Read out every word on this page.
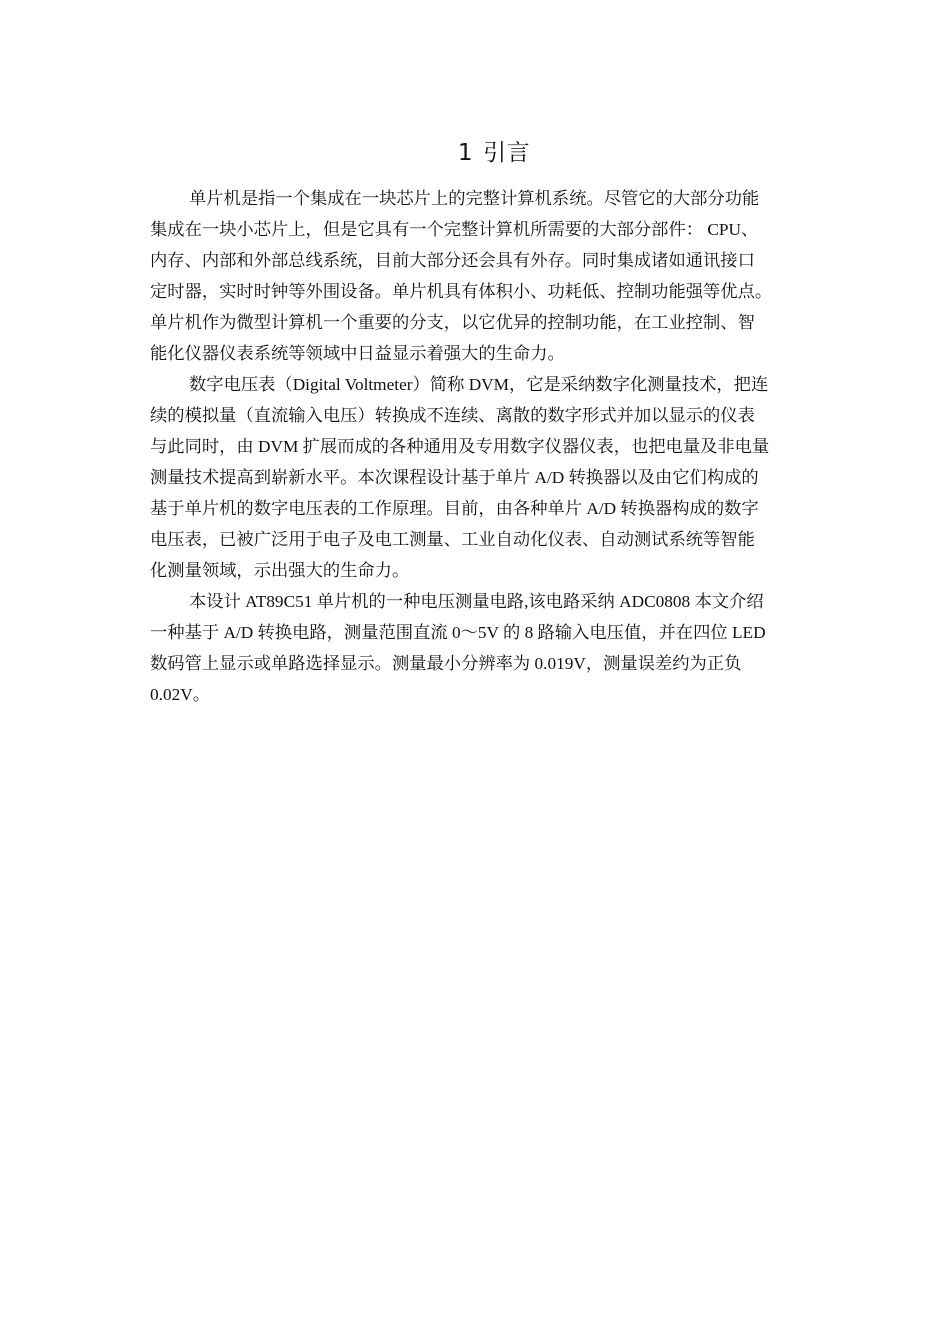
1 引言
单片机是指一个集成在一块芯片上的完整计算机系统。尽管它的大部分功能
集成在一块小芯片上，但是它具有一个完整计算机所需要的大部分部件： CPU、
内存、内部和外部总线系统，目前大部分还会具有外存。同时集成诸如通讯接口
定时器，实时时钟等外围设备。单片机具有体积小、功耗低、控制功能强等优点。
单片机作为微型计算机一个重要的分支，以它优异的控制功能，在工业控制、智
能化仪器仪表系统等领域中日益显示着强大的生命力。
数字电压表（Digital Voltmeter）简称 DVM，它是采纳数字化测量技术，把连
续的模拟量（直流输入电压）转换成不连续、离散的数字形式并加以显示的仪表
与此同时，由 DVM 扩展而成的各种通用及专用数字仪器仪表，也把电量及非电量
测量技术提高到崭新水平。本次课程设计基于单片 A/D 转换器以及由它们构成的
基于单片机的数字电压表的工作原理。目前，由各种单片 A/D 转换器构成的数字
电压表，已被广泛用于电子及电工测量、工业自动化仪表、自动测试系统等智能
化测量领域，示出强大的生命力。
本设计 AT89C51 单片机的一种电压测量电路,该电路采纳 ADC0808 本文介绍
一种基于 A/D 转换电路，测量范围直流 0～5V 的 8 路输入电压值，并在四位 LED
数码管上显示或单路选择显示。测量最小分辨率为 0.019V，测量误差约为正负
0.02V。
